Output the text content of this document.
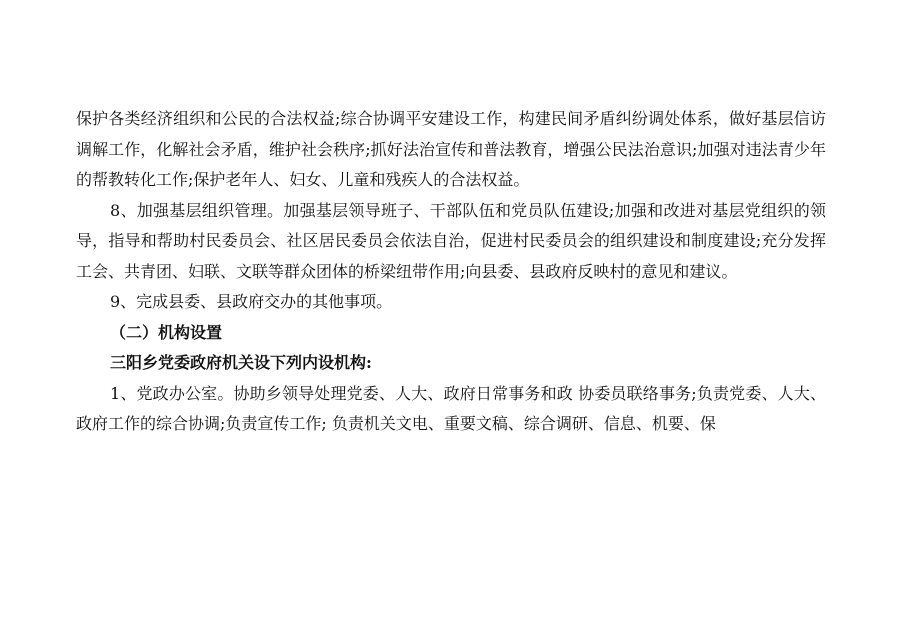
保护各类经济组织和公民的合法权益;综合协调平安建设工作，构建民间矛盾纠纷调处体系，做好基层信访调解工作，化解社会矛盾，维护社会秩序;抓好法治宣传和普法教育，增强公民法治意识;加强对违法青少年的帮教转化工作;保护老年人、妇女、儿童和残疾人的合法权益。

8、加强基层组织管理。加强基层领导班子、干部队伍和党员队伍建设;加强和改进对基层党组织的领导，指导和帮助村民委员会、社区居民委员会依法自治，促进村民委员会的组织建设和制度建设;充分发挥工会、共青团、妇联、文联等群众团体的桥梁纽带作用;向县委、县政府反映村的意见和建议。

9、完成县委、县政府交办的其他事项。

（二）机构设置

三阳乡党委政府机关设下列内设机构:

1、党政办公室。协助乡领导处理党委、人大、政府日常事务和政 协委员联络事务;负责党委、人大、政府工作的综合协调;负责宣传工作; 负责机关文电、重要文稿、综合调研、信息、机要、保
